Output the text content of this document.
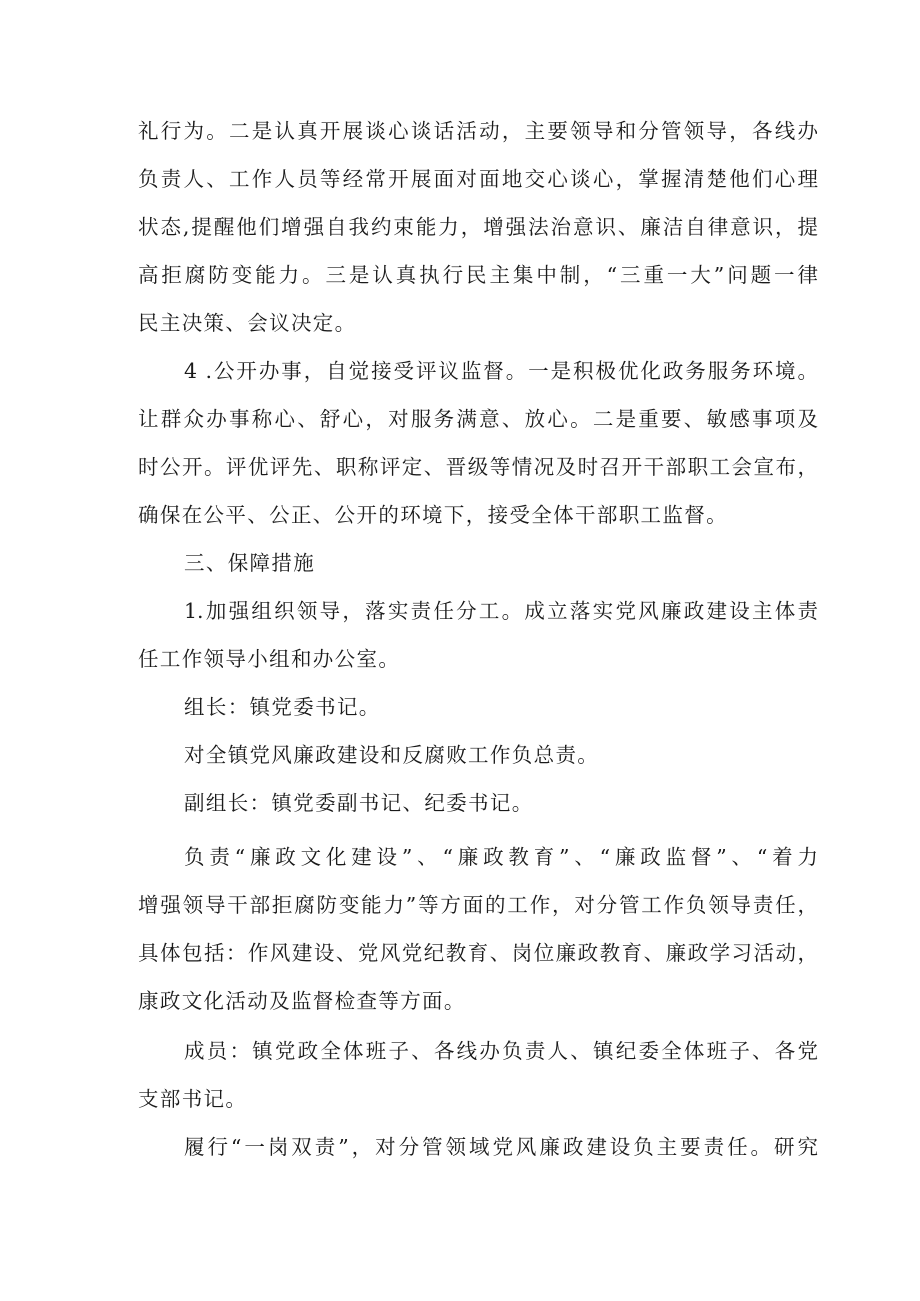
礼行为。二是认真开展谈心谈话活动，主要领导和分管领导，各线办
负责人、工作人员等经常开展面对面地交心谈心，掌握清楚他们心理
状态,提醒他们增强自我约束能力，增强法治意识、廉洁自律意识，提
高拒腐防变能力。三是认真执行民主集中制，“三重一大”问题一律
民主决策、会议决定。
4 .公开办事，自觉接受评议监督。一是积极优化政务服务环境。
让群众办事称心、舒心，对服务满意、放心。二是重要、敏感事项及
时公开。评优评先、职称评定、晋级等情况及时召开干部职工会宣布，
确保在公平、公正、公开的环境下，接受全体干部职工监督。
三、保障措施
1.加强组织领导，落实责任分工。成立落实党风廉政建设主体责
任工作领导小组和办公室。
组长：镇党委书记。
对全镇党风廉政建设和反腐败工作负总责。
副组长：镇党委副书记、纪委书记。
负责“廉政文化建设”、“廉政教育”、“廉政监督”、“着力
增强领导干部拒腐防变能力”等方面的工作，对分管工作负领导责任，
具体包括：作风建设、党风党纪教育、岗位廉政教育、廉政学习活动，
康政文化活动及监督检查等方面。
成员：镇党政全体班子、各线办负责人、镇纪委全体班子、各党
支部书记。
履行“一岗双责”，对分管领域党风廉政建设负主要责任。研究
